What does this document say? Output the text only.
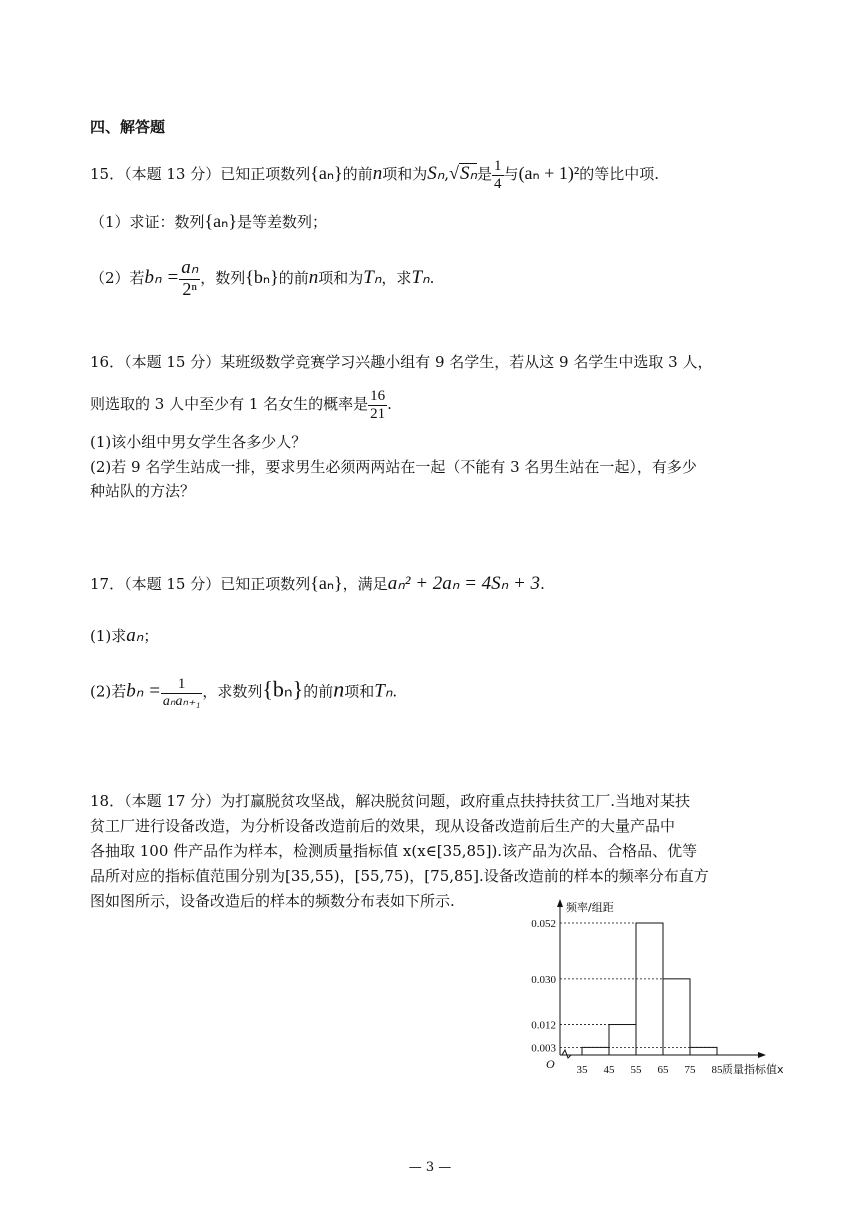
四、解答题
15．（本题 13 分）已知正项数列{aₙ}的前n项和为Sₙ,√Sₙ是 $\frac{1}{4}$ 与(aₙ + 1)²的等比中项.
（1）求证：数列{aₙ}是等差数列；
（2）若$b_n = \frac{\text{aₙ}}{\text{2ⁿ}}$ ，数列{bₙ}的前n项和为Tₙ，求Tₙ.
16．（本题 15 分）某班级数学竞赛学习兴趣小组有 9 名学生，若从这 9 名学生中选取 3 人，
则选取的 3 人中至少有 1 名女生的概率是 $\frac{16}{21}$ .
(1)该小组中男女学生各多少人？
(2)若 9 名学生站成一排，要求男生必须两两站在一起（不能有 3 名男生站在一起），有多少
种站队的方法？
17．（本题 15 分）已知正项数列{aₙ}，满足aₙ² + 2aₙ = 4Sₙ + 3.
(1)求aₙ；
(2)若$b_n = \frac{1}{\text{aₙaₙ₊₁}}$ ，求数列{bₙ}的前n项和Tₙ.
18．（本题 17 分）为打赢脱贫攻坚战，解决脱贫问题，政府重点扶持扶贫工厂.当地对某扶
贫工厂进行设备改造，为分析设备改造前后的效果，现从设备改造前后生产的大量产品中
各抽取 100 件产品作为样本，检测质量指标值 x(x∈[35,85]).该产品为次品、合格品、优等
品所对应的指标值范围分别为[35,55)，[55,75)，[75,85].设备改造前的样本的频率分布直方
图如图所示，设备改造后的样本的频数分布表如下所示.	频率/组距
质量指标值x
O
0.003
0.012
0.030
0.052
35 45 55 65 75 85
— 3 —
